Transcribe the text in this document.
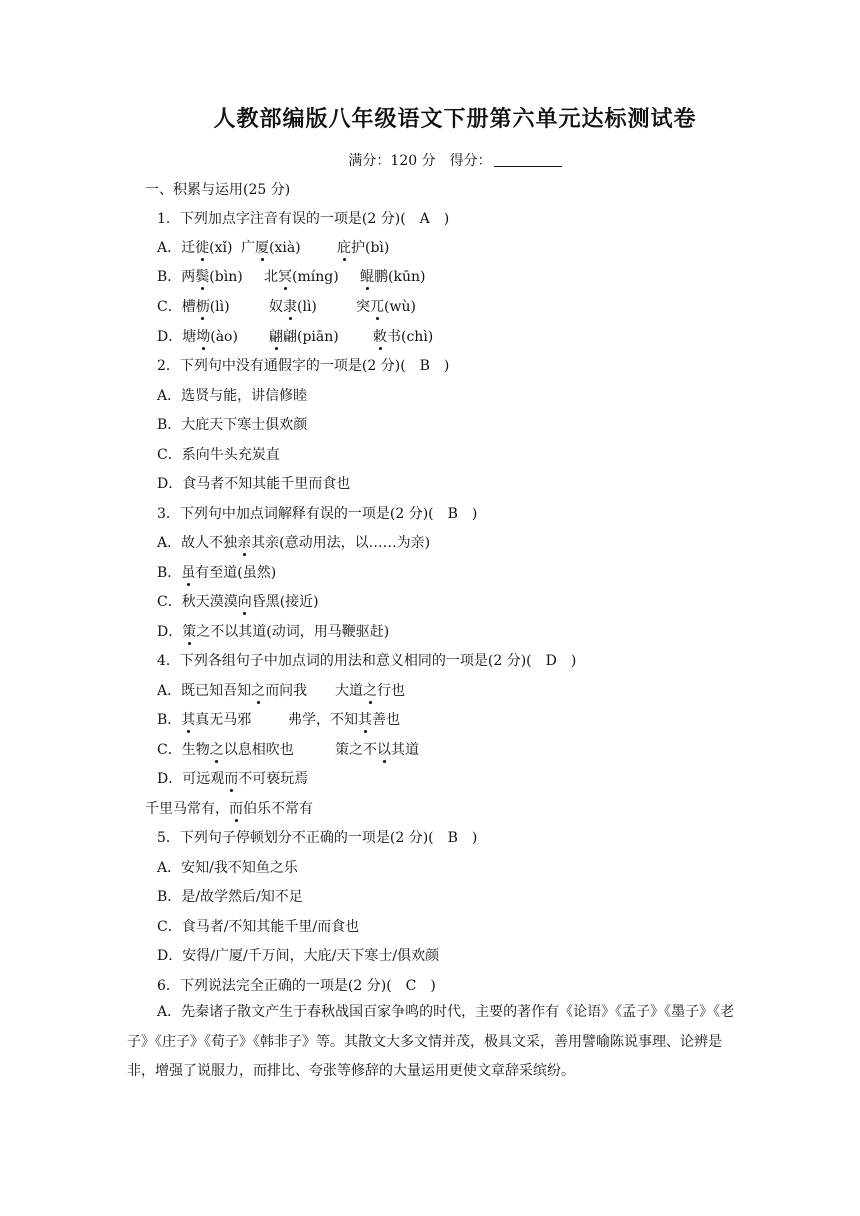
人教部编版八年级语文下册第六单元达标测试卷
满分：120 分 得分：
一、积累与运用(25 分)
1．下列加点字注音有误的一项是(2 分)(　A　)
A．迁徙(xǐ) 广厦(xià)	庇护(bì)
B．两鬓(bìn) 北冥(míng) 鲲鹏(kūn)
C．槽枥(lì)	奴隶(lì)	突兀(wù)
D．塘坳(ào) 翩翩(piān) 敕书(chì)
2．下列句中没有通假字的一项是(2 分)(　B　)
A．选贤与能，讲信修睦
B．大庇天下寒士俱欢颜
C．系向牛头充炭直
D．食马者不知其能千里而食也
3．下列句中加点词解释有误的一项是(2 分)(　B　)
A．故人不独亲其亲(意动用法，以……为亲)
B．虽有至道(虽然)
C．秋天漠漠向昏黑(接近)
D．策之不以其道(动词，用马鞭驱赶)
4．下列各组句子中加点词的用法和意义相同的一项是(2 分)(　D　)
A．既已知吾知之而问我 大道之行也
B．其真无马邪	弗学，不知其善也
C．生物之以息相吹也	策之不以其道
D．可远观而不可亵玩焉
千里马常有，而伯乐不常有
5．下列句子停顿划分不正确的一项是(2 分)(　B　)
A．安知/我不知鱼之乐
B．是/故学然后/知不足
C．食马者/不知其能千里/而食也
D．安得/广厦/千万间，大庇/天下寒士/俱欢颜
6．下列说法完全正确的一项是(2 分)(　C　)
A．先秦诸子散文产生于春秋战国百家争鸣的时代，主要的著作有《论语》《孟子》《墨子》《老子》《庄子》《荀子》《韩非子》等。其散文大多文情并茂，极具文采，善用譬喻陈说事理、论辨是非，增强了说服力，而排比、夸张等修辞的大量运用更使文章辞采缤纷。
